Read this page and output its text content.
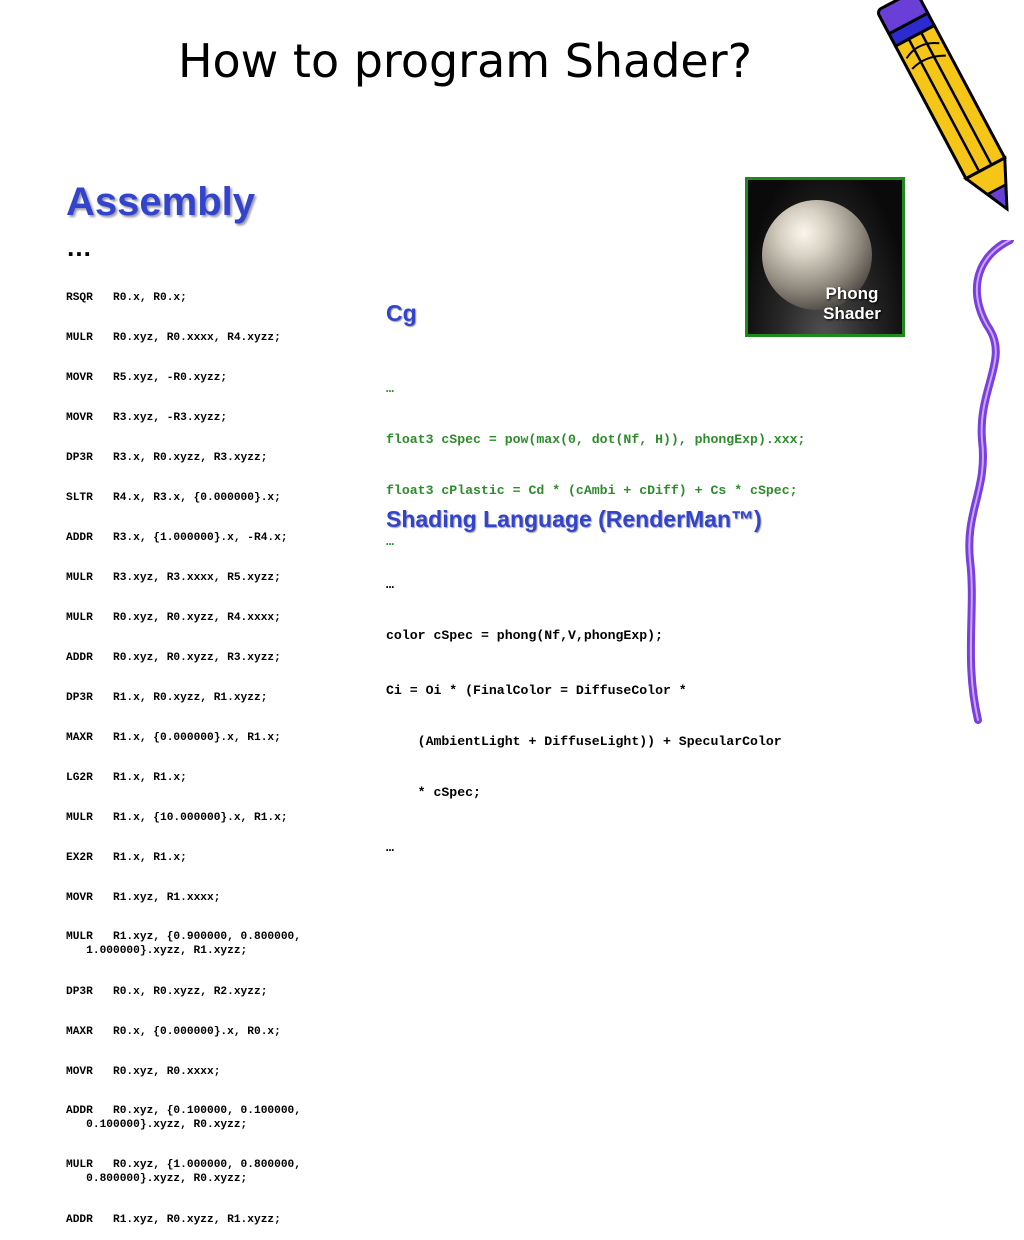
How to program Shader?
Assembly
…

RSQR R0.x, R0.x;

MULR R0.xyz, R0.xxxx, R4.xyzz;

MOVR R5.xyz, -R0.xyzz;

MOVR R3.xyz, -R3.xyzz;

DP3R R3.x, R0.xyzz, R3.xyzz;

SLTR R4.x, R3.x, {0.000000}.x;

ADDR R3.x, {1.000000}.x, -R4.x;

MULR R3.xyz, R3.xxxx, R5.xyzz;

MULR R0.xyz, R0.xyzz, R4.xxxx;

ADDR R0.xyz, R0.xyzz, R3.xyzz;

DP3R R1.x, R0.xyzz, R1.xyzz;

MAXR R1.x, {0.000000}.x, R1.x;

LG2R R1.x, R1.x;

MULR R1.x, {10.000000}.x, R1.x;

EX2R R1.x, R1.x;

MOVR R1.xyz, R1.xxxx;

MULR R1.xyz, {0.900000, 0.800000,
1.000000}.xyzz, R1.xyzz;

DP3R R0.x, R0.xyzz, R2.xyzz;

MAXR R0.x, {0.000000}.x, R0.x;

MOVR R0.xyz, R0.xxxx;

ADDR R0.xyz, {0.100000, 0.100000,
0.100000}.xyzz, R0.xyzz;

MULR R0.xyz, {1.000000, 0.800000,
0.800000}.xyzz, R0.xyzz;

ADDR R1.xyz, R0.xyzz, R1.xyzz;

Cg

…

float3 cSpec = pow(max(0, dot(Nf, H)), phongExp).xxx;

float3 cPlastic = Cd * (cAmbi + cDiff) + Cs * cSpec;

…

Shading Language (RenderMan™)

…

color cSpec = phong(Nf,V,phongExp);

Ci = Oi * (FinalColor = DiffuseColor *

(AmbientLight + DiffuseLight)) + SpecularColor

* cSpec;

…

Phong
Shader
